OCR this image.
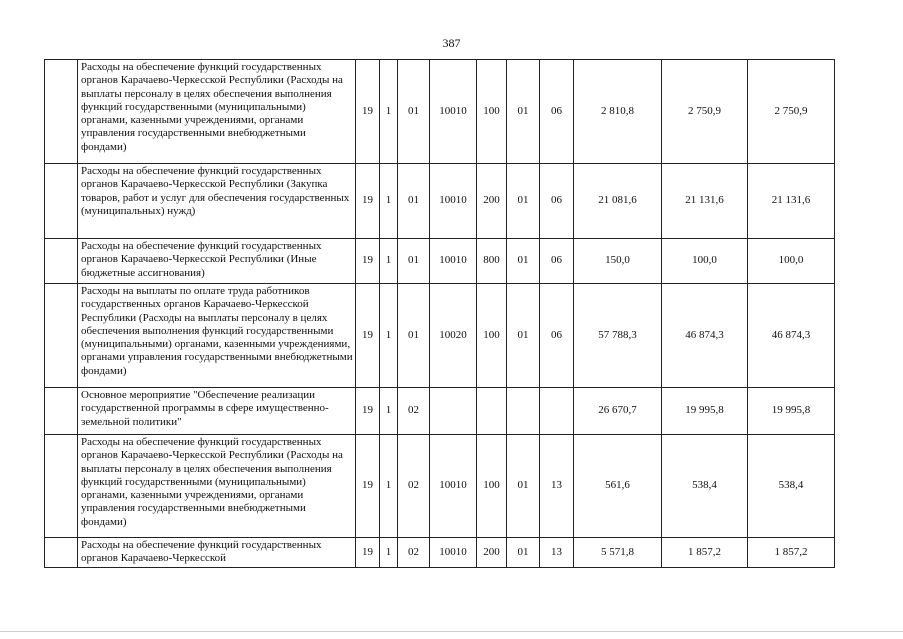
387
	Расходы на обеспечение функций государственных органов Карачаево-Черкесской Республики (Расходы на выплаты персоналу в целях обеспечения выполнения функций государственными (муниципальными) органами, казенными учреждениями, органами управления государственными внебюджетными фондами)	19	1	01	10010	100	01	06	2 810,8	2 750,9	2 750,9
	Расходы на обеспечение функций государственных органов Карачаево-Черкесской Республики (Закупка товаров, работ и услуг для обеспечения государственных (муниципальных) нужд)	19	1	01	10010	200	01	06	21 081,6	21 131,6	21 131,6
	Расходы на обеспечение функций государственных органов Карачаево-Черкесской Республики (Иные бюджетные ассигнования)	19	1	01	10010	800	01	06	150,0	100,0	100,0
	Расходы на выплаты по оплате труда работников государственных органов Карачаево-Черкесской Республики (Расходы на выплаты персоналу в целях обеспечения выполнения функций государственными (муниципальными) органами, казенными учреждениями, органами управления государственными внебюджетными фондами)	19	1	01	10020	100	01	06	57 788,3	46 874,3	46 874,3
	Основное мероприятие "Обеспечение реализации государственной программы в сфере имущественно-земельной политики"	19	1	02					26 670,7	19 995,8	19 995,8
	Расходы на обеспечение функций государственных органов Карачаево-Черкесской Республики (Расходы на выплаты персоналу в целях обеспечения выполнения функций государственными (муниципальными) органами, казенными учреждениями, органами управления государственными внебюджетными фондами)	19	1	02	10010	100	01	13	561,6	538,4	538,4
	Расходы на обеспечение функций государственных органов Карачаево-Черкесской	19	1	02	10010	200	01	13	5 571,8	1 857,2	1 857,2
